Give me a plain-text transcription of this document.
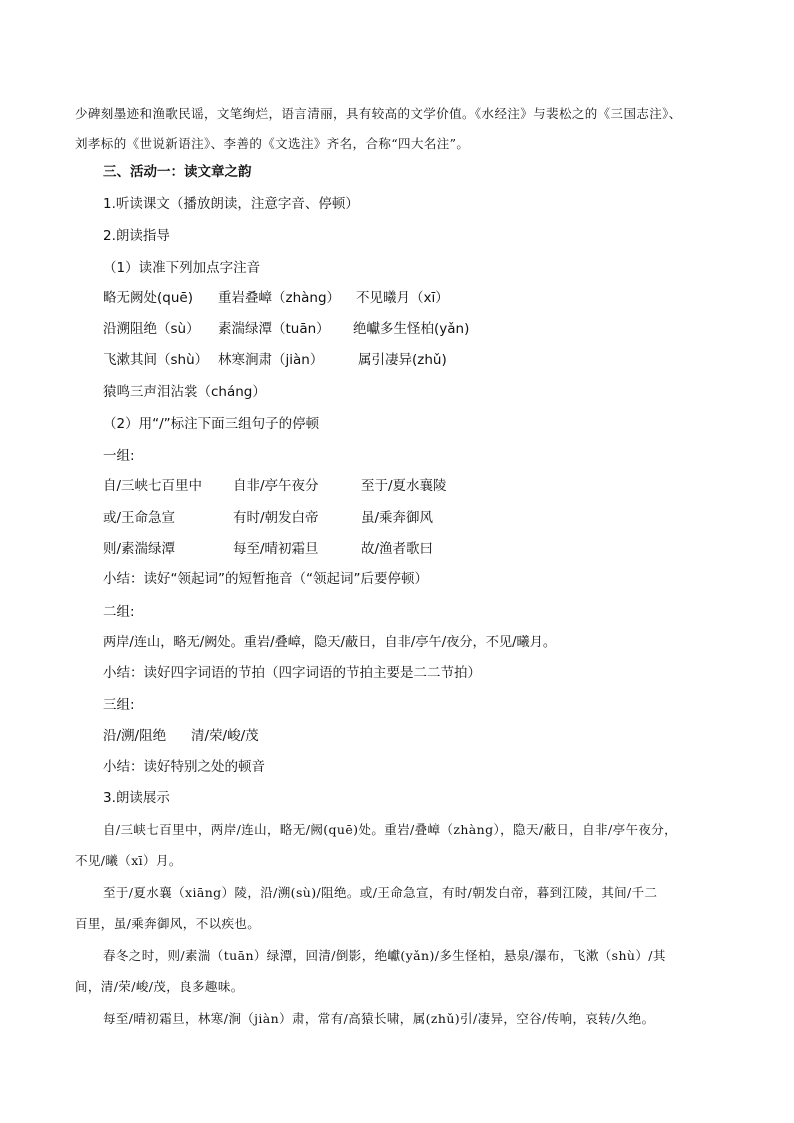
少碑刻墨迹和渔歌民谣，文笔绚烂，语言清丽，具有较高的文学价值。《水经注》与裴松之的《三国志注》、
刘孝标的《世说新语注》、李善的《文选注》齐名，合称“四大名注”。
三、活动一：读文章之韵
1.听读课文（播放朗读，注意字音、停顿）
2.朗读指导
（1）读准下列加点字注音
略无阙处(quē) 重岩叠嶂（zhàng） 不见曦月（xī）
沿溯阻绝（sù） 素湍绿潭（tuān） 绝巘多生怪柏(yǎn)
飞漱其间（shù） 林寒涧肃（jiàn）	属引凄异(zhǔ)
猿鸣三声泪沾裳（cháng）
（2）用“/”标注下面三组句子的停顿
一组:
自/三峡七百里中 自非/亭午夜分	至于/夏水襄陵
或/王命急宣	有时/朝发白帝	虽/乘奔御风
则/素湍绿潭	每至/晴初霜旦	故/渔者歌曰
小结：读好“领起词”的短暂拖音（“领起词”后要停顿）
二组:
两岸/连山，略无/阙处。重岩/叠嶂，隐天/蔽日，自非/亭午/夜分，不见/曦月。
小结：读好四字词语的节拍（四字词语的节拍主要是二二节拍）
三组:
沿/溯/阻绝 清/荣/峻/茂
小结：读好特别之处的顿音
3.朗读展示
自/三峡七百里中，两岸/连山，略无/阙(quē)处。重岩/叠嶂（zhàng），隐天/蔽日，自非/亭午夜分，
不见/曦（xī）月。
至于/夏水襄（xiāng）陵，沿/溯(sù)/阻绝。或/王命急宣，有时/朝发白帝，暮到江陵，其间/千二
百里，虽/乘奔御风，不以疾也。
春冬之时，则/素湍（tuān）绿潭，回清/倒影，绝巘(yǎn)/多生怪柏，悬泉/瀑布，飞漱（shù）/其
间，清/荣/峻/茂，良多趣味。
每至/晴初霜旦，林寒/涧（jiàn）肃，常有/高猿长啸，属(zhǔ)引/凄异，空谷/传响，哀转/久绝。
